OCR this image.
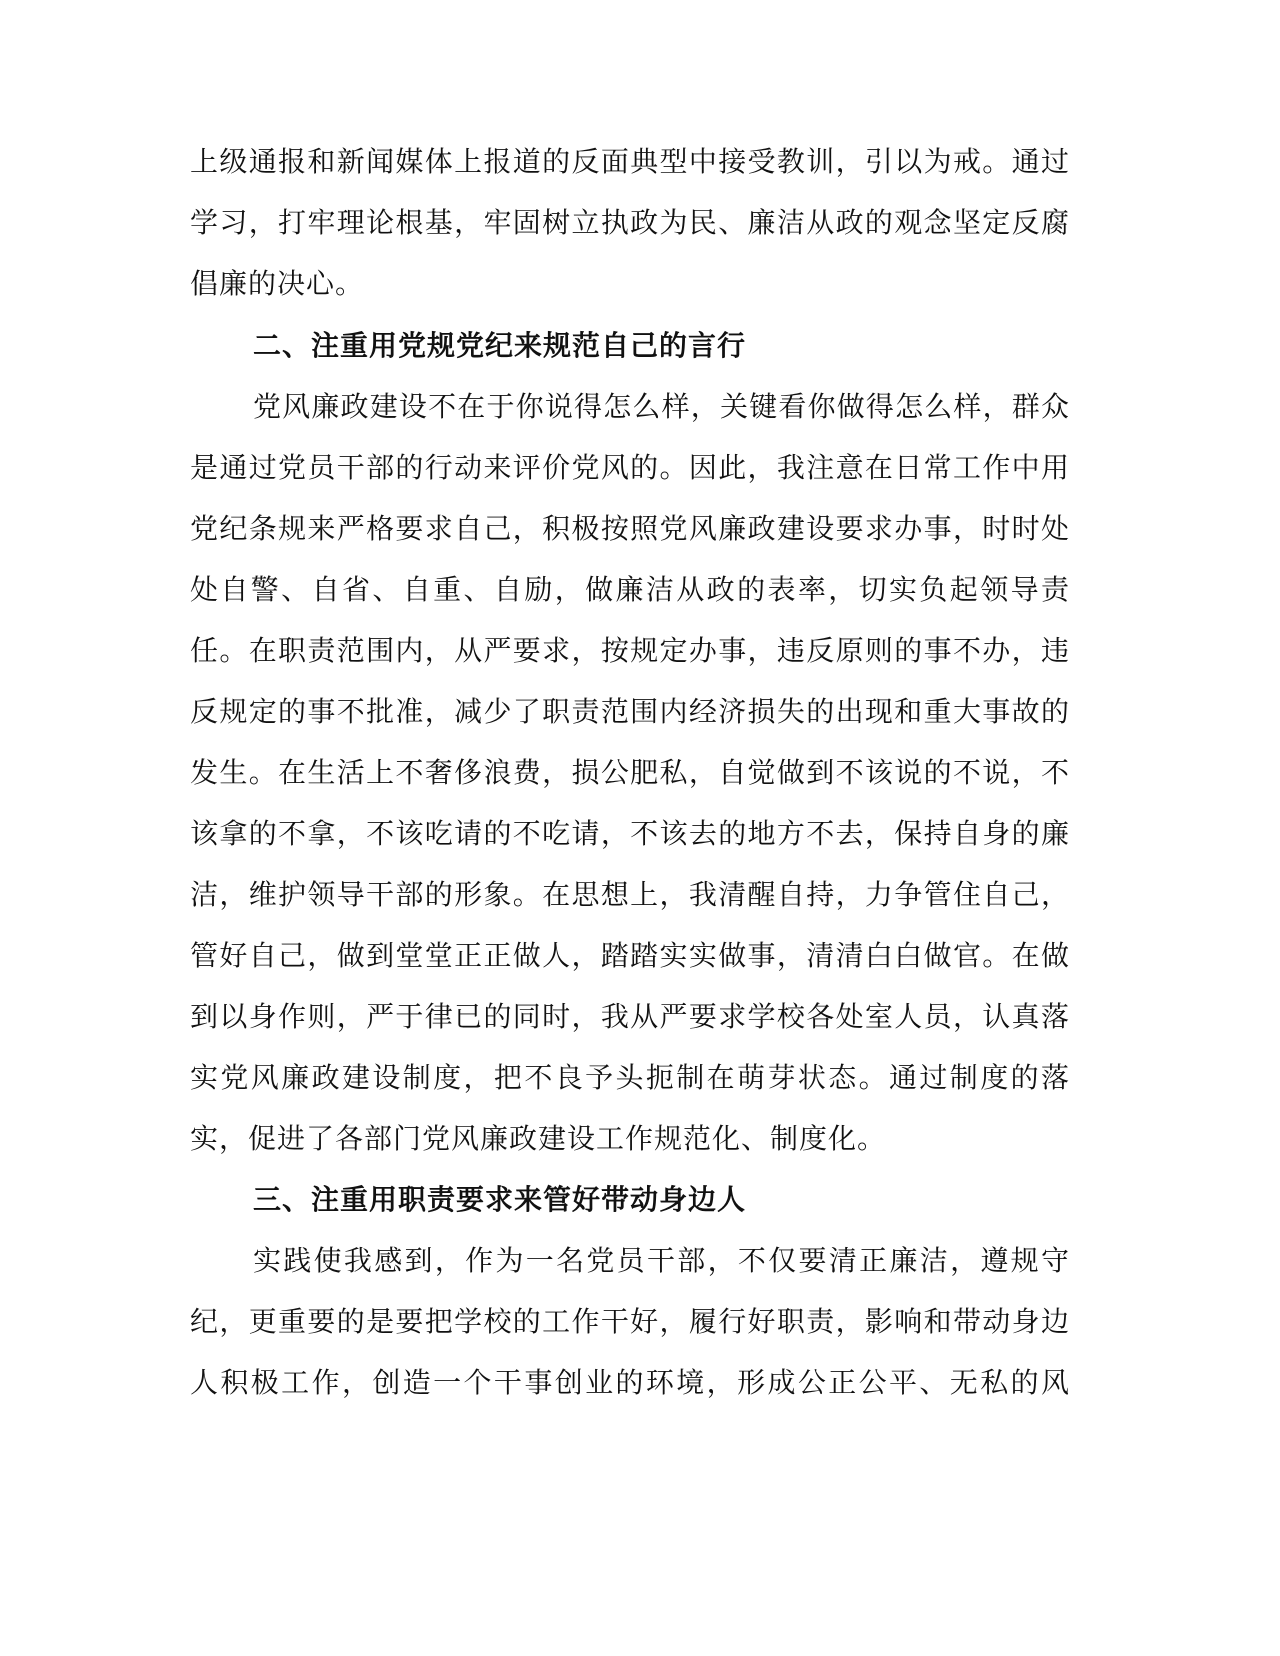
上级通报和新闻媒体上报道的反面典型中接受教训，引以为戒。通过
学习，打牢理论根基，牢固树立执政为民、廉洁从政的观念坚定反腐
倡廉的决心。
二、注重用党规党纪来规范自己的言行
党风廉政建设不在于你说得怎么样，关键看你做得怎么样，群众
是通过党员干部的行动来评价党风的。因此，我注意在日常工作中用
党纪条规来严格要求自己，积极按照党风廉政建设要求办事，时时处
处自警、自省、自重、自励，做廉洁从政的表率，切实负起领导责
任。在职责范围内，从严要求，按规定办事，违反原则的事不办，违
反规定的事不批准，减少了职责范围内经济损失的出现和重大事故的
发生。在生活上不奢侈浪费，损公肥私，自觉做到不该说的不说，不
该拿的不拿，不该吃请的不吃请，不该去的地方不去，保持自身的廉
洁，维护领导干部的形象。在思想上，我清醒自持，力争管住自己，
管好自己，做到堂堂正正做人，踏踏实实做事，清清白白做官。在做
到以身作则，严于律已的同时，我从严要求学校各处室人员，认真落
实党风廉政建设制度，把不良予头扼制在萌芽状态。通过制度的落
实，促进了各部门党风廉政建设工作规范化、制度化。
三、注重用职责要求来管好带动身边人
实践使我感到，作为一名党员干部，不仅要清正廉洁，遵规守
纪，更重要的是要把学校的工作干好，履行好职责，影响和带动身边
人积极工作，创造一个干事创业的环境，形成公正公平、无私的风
